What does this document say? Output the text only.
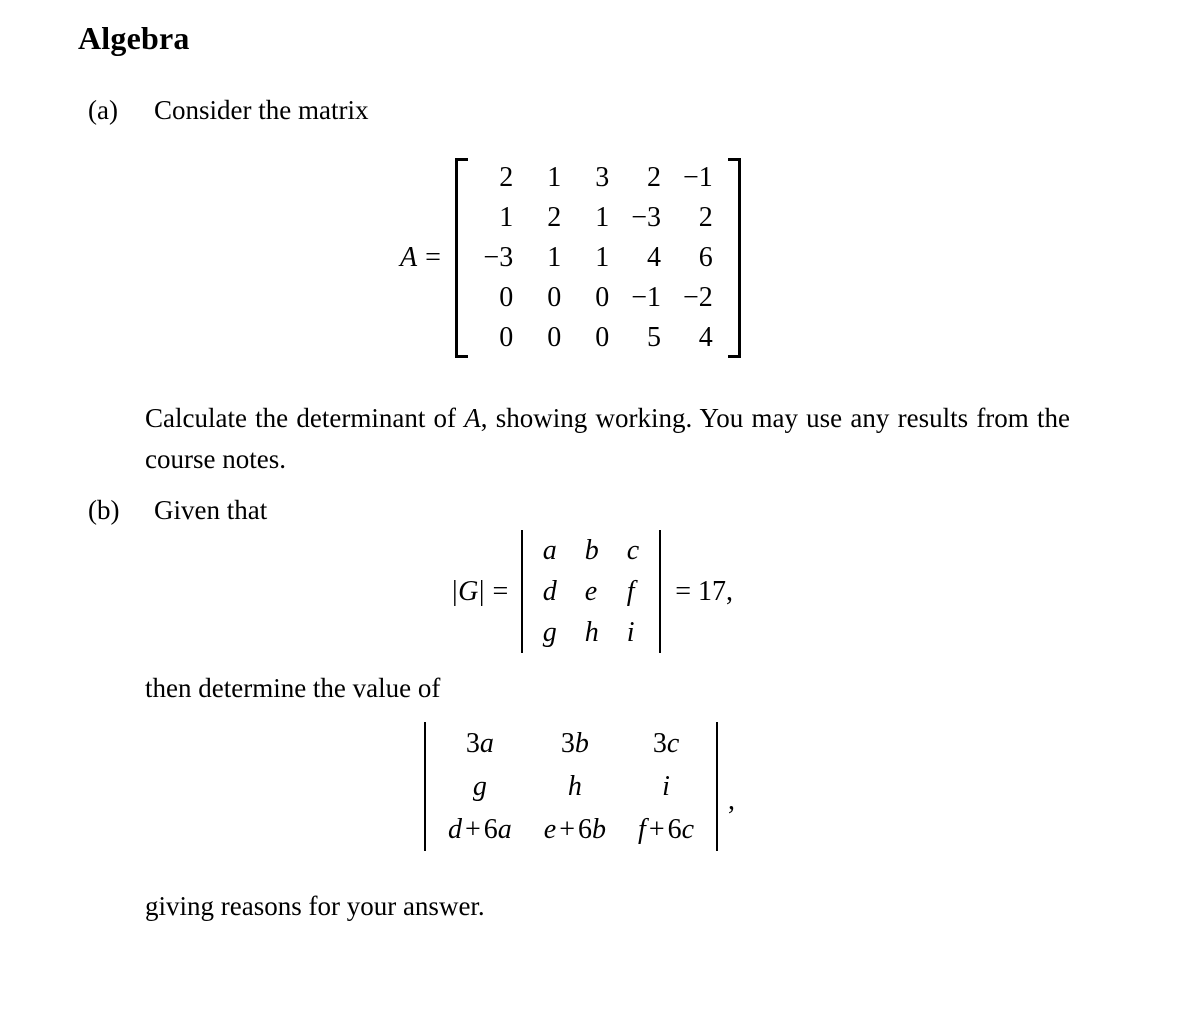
Algebra
(a)	Consider the matrix
A =
2	1	3	2	−1
1	2	1	−3	2
−3	1	1	4	6
0	0	0	−1	−2
0	0	0	5	4
Calculate the determinant of A, showing working. You may use any results from the course notes.
(b)	Given that
|G| =
a	b	c
d	e	f
g	h	i
= 17,
then determine the value of
3a	3b	3c
g	h	i
d + 6a	e + 6b	f + 6c
,
giving reasons for your answer.
